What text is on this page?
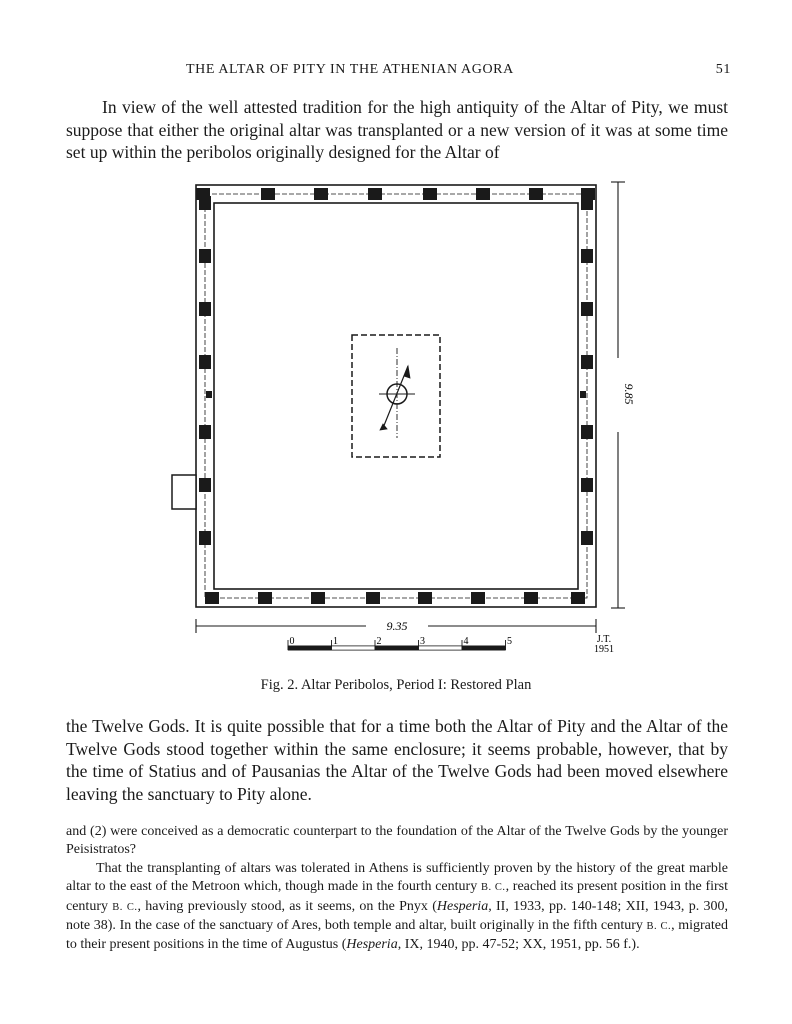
THE ALTAR OF PITY IN THE ATHENIAN AGORA	51

In view of the well attested tradition for the high antiquity of the Altar of Pity, we must suppose that either the original altar was transplanted or a new version of it was at some time set up within the peribolos originally designed for the Altar of

9.85
9.35
0	1	2	3	4	5	J.T.
1951
Fig. 2. Altar Peribolos, Period I: Restored Plan

the Twelve Gods. It is quite possible that for a time both the Altar of Pity and the Altar of the Twelve Gods stood together within the same enclosure; it seems probable, however, that by the time of Statius and of Pausanias the Altar of the Twelve Gods had been moved elsewhere leaving the sanctuary to Pity alone.

and (2) were conceived as a democratic counterpart to the foundation of the Altar of the Twelve Gods by the younger Peisistratos?

That the transplanting of altars was tolerated in Athens is sufficiently proven by the history of the great marble altar to the east of the Metroon which, though made in the fourth century B. C., reached its present position in the first century B. C., having previously stood, as it seems, on the Pnyx (Hesperia, II, 1933, pp. 140-148; XII, 1943, p. 300, note 38). In the case of the sanctuary of Ares, both temple and altar, built originally in the fifth century B. C., migrated to their present positions in the time of Augustus (Hesperia, IX, 1940, pp. 47-52; XX, 1951, pp. 56 f.).
